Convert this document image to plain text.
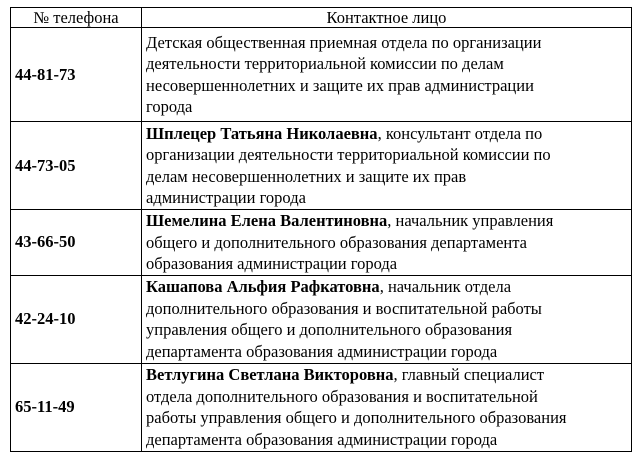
№ телефона	Контактное лицо
44-81-73	Детская общественная приемная отдела по организации
деятельности территориальной комиссии по делам
несовершеннолетних и защите их прав администрации
города

44-73-05	Шплецер Татьяна Николаевна, консультант отдела по
организации деятельности территориальной комиссии по
делам несовершеннолетних и защите их прав
администрации города

43-66-50	Шемелина Елена Валентиновна, начальник управления
общего и дополнительного образования департамента
образования администрации города

42-24-10	Кашапова Альфия Рафкатовна, начальник отдела
дополнительного образования и воспитательной работы
управления общего и дополнительного образования
департамента образования администрации города

65-11-49	Ветлугина Светлана Викторовна, главный специалист
отдела дополнительного образования и воспитательной
работы управления общего и дополнительного образования
департамента образования администрации города
